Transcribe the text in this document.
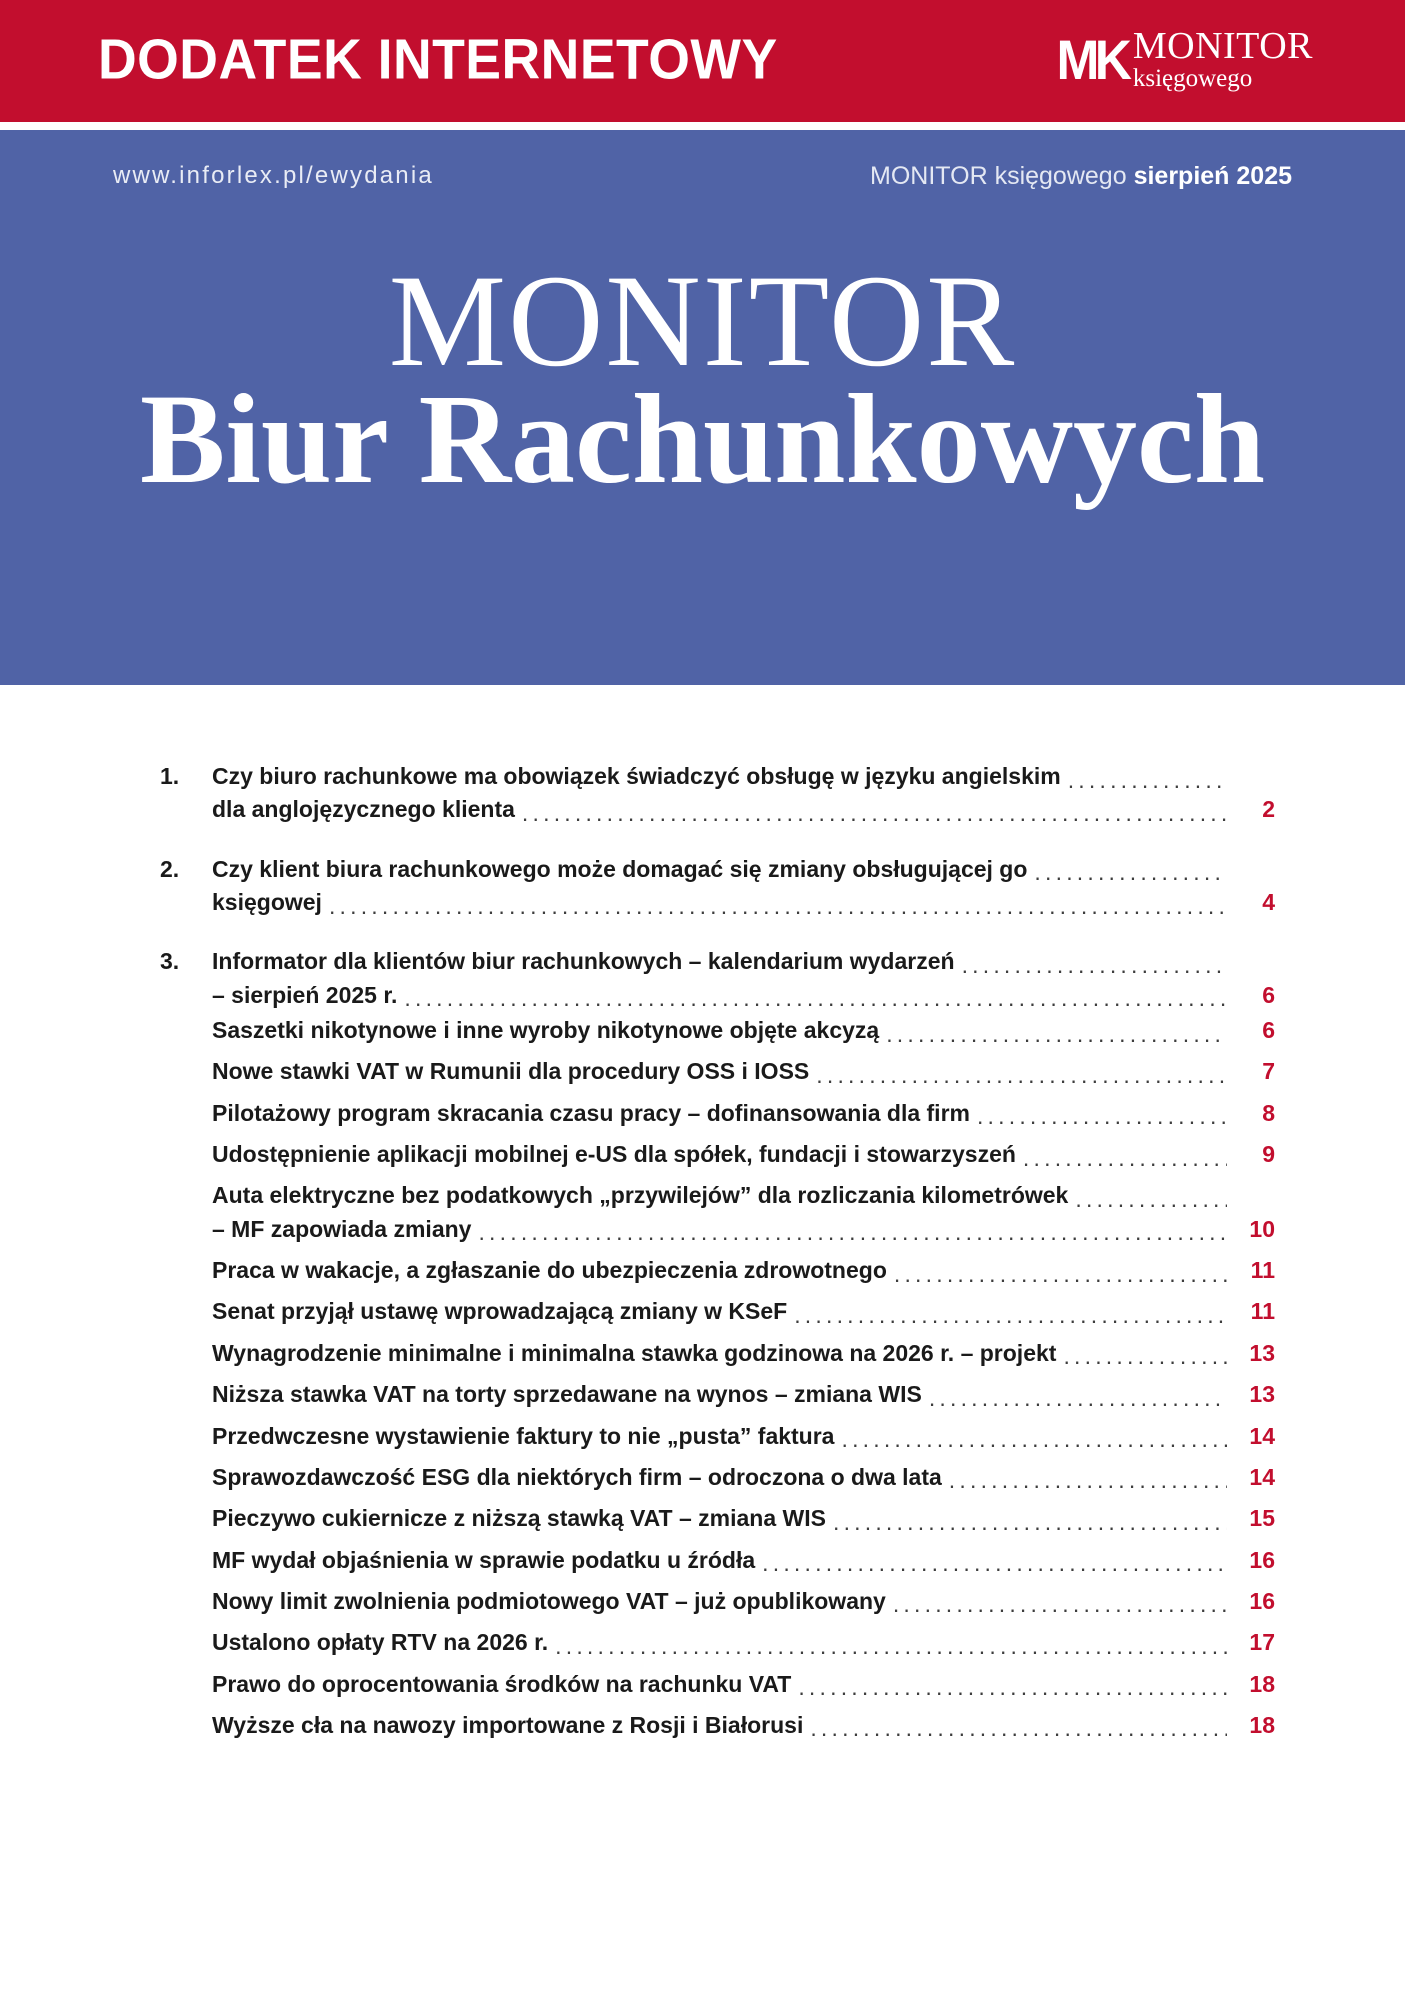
DODATEK INTERNETOWY	MK MONITOR
księgowego
www.inforlex.pl/ewydania	MONITOR księgowego sierpień 2025
MONITOR
Biur Rachunkowych
1.	Czy biuro rachunkowe ma obowiązek świadczyć obsługę w języku angielskim
.....
dla anglojęzycznego klienta .....	2
2.	Czy klient biura rachunkowego może domagać się zmiany obsługującej go
.....
księgowej .....	4
3.	Informator dla klientów biur rachunkowych – kalendarium wydarzeń
.....
– sierpień 2025 r. .....	6
Saszetki nikotynowe i inne wyroby nikotynowe objęte akcyzą .....	6
Nowe stawki VAT w Rumunii dla procedury OSS i IOSS .....	7
Pilotażowy program skracania czasu pracy – dofinansowania dla firm .....	8
Udostępnienie aplikacji mobilnej e-US dla spółek, fundacji i stowarzyszeń .....	9
Auta elektryczne bez podatkowych „przywilejów” dla rozliczania kilometrówek
.....
– MF zapowiada zmiany .....	10
Praca w wakacje, a zgłaszanie do ubezpieczenia zdrowotnego .....	11
Senat przyjął ustawę wprowadzającą zmiany w KSeF .....	11
Wynagrodzenie minimalne i minimalna stawka godzinowa na 2026 r. – projekt .....	13
Niższa stawka VAT na torty sprzedawane na wynos – zmiana WIS .....	13
Przedwczesne wystawienie faktury to nie „pusta” faktura .....	14
Sprawozdawczość ESG dla niektórych firm – odroczona o dwa lata .....	14
Pieczywo cukiernicze z niższą stawką VAT – zmiana WIS .....	15
MF wydał objaśnienia w sprawie podatku u źródła .....	16
Nowy limit zwolnienia podmiotowego VAT – już opublikowany .....	16
Ustalono opłaty RTV na 2026 r. .....	17
Prawo do oprocentowania środków na rachunku VAT .....	18
Wyższe cła na nawozy importowane z Rosji i Białorusi .....	18
